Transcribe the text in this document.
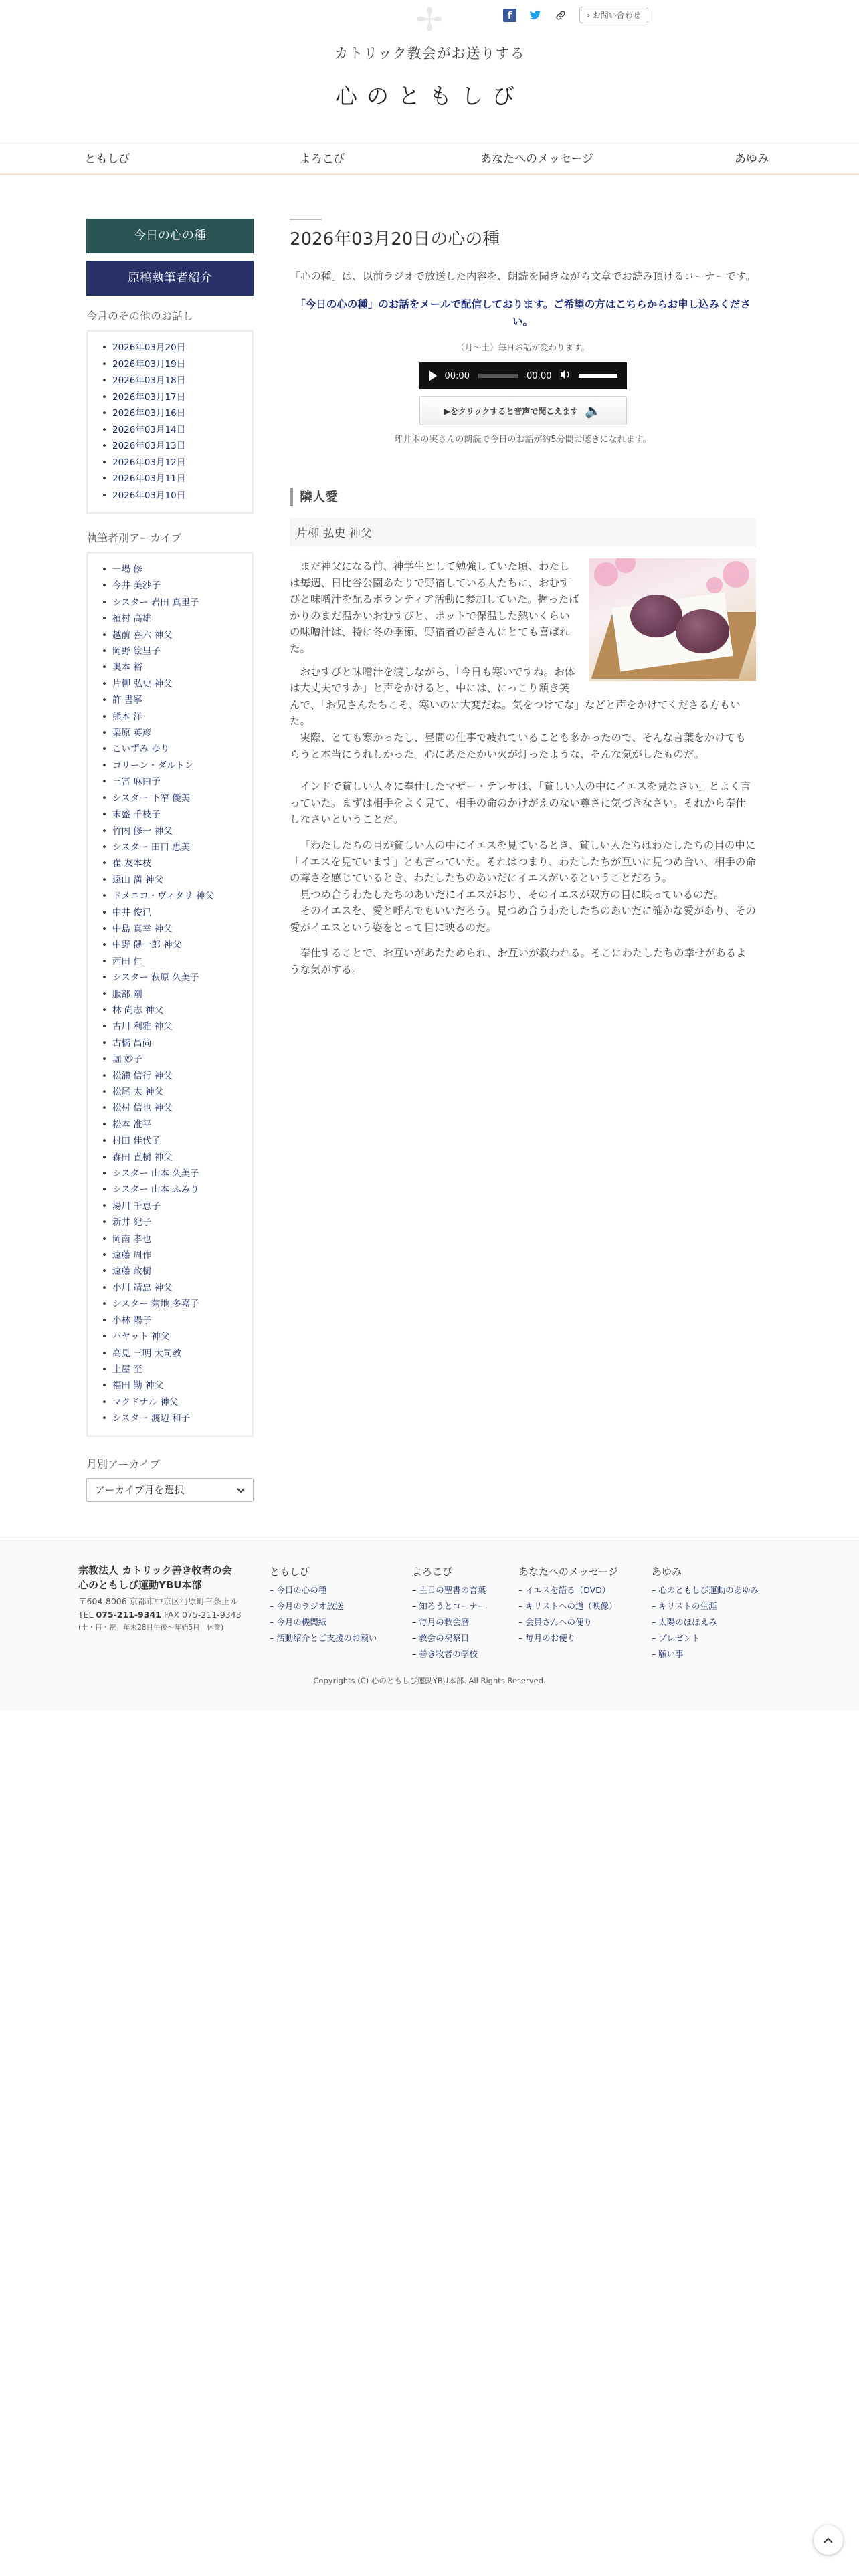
✢	f	› お問い合わせ
カトリック教会がお送りする
心のともしび
ともしび	よろこび	あなたへのメッセージ	あゆみ
今日の心の種
原稿執筆者紹介
今月のその他のお話し
• 2026年03月20日
• 2026年03月19日
• 2026年03月18日
• 2026年03月17日
• 2026年03月16日
• 2026年03月14日
• 2026年03月13日
• 2026年03月12日
• 2026年03月11日
• 2026年03月10日
執筆者別アーカイブ
• 一場 修
• 今井 美沙子
• シスター 岩田 真里子
• 植村 高雄
• 越前 喜六 神父
• 岡野 絵里子
• 奥本 裕
• 片柳 弘史 神父
• 許 書寧
• 熊本 洋
• 栗原 英彦
• こいずみ ゆり
• コリーン・ダルトン
• 三宮 麻由子
• シスター 下窄 優美
• 末盛 千枝子
• 竹内 修一 神父
• シスター 田口 恵美
• 崔 友本枝
• 遠山 満 神父
• ドメニコ・ヴィタリ 神父
• 中井 俊已
• 中島 真幸 神父
• 中野 健一郎 神父
• 西田 仁
• シスター 萩原 久美子
• 服部 剛
• 林 尚志 神父
• 古川 利雅 神父
• 古橋 昌尚
• 堀 妙子
• 松浦 信行 神父
• 松尾 太 神父
• 松村 信也 神父
• 松本 准平
• 村田 佳代子
• 森田 直樹 神父
• シスター 山本 久美子
• シスター 山本 ふみり
• 湯川 千恵子
• 新井 紀子
• 岡南 孝也
• 遠藤 周作
• 遠藤 政樹
• 小川 靖忠 神父
• シスター 菊地 多嘉子
• 小林 陽子
• ハヤット 神父
• 高見 三明 大司教
• 土屋 至
• 福田 勤 神父
• マクドナル 神父
• シスター 渡辺 和子
月別アーカイブ
アーカイブ月を選択
2026年03月20日の心の種

「心の種」は、以前ラジオで放送した内容を、朗読を聞きながら文章でお読み頂けるコーナーです。

「今日の心の種」のお話をメールで配信しております。ご希望の方はこちらからお申し込みください。

（月〜土）毎日お話が変わります。

00:00	00:00
▶をクリックすると音声で聞こえます 🔈

坪井木の実さんの朗読で今日のお話が約5分間お聴きになれます。

隣人愛
片柳 弘史 神父

まだ神父になる前、神学生として勉強していた頃、わたしは毎週、日比谷公園あたりで野宿している人たちに、おむすびと味噌汁を配るボランティア活動に参加していた。握ったばかりのまだ温かいおむすびと、ポットで保温した熱いくらいの味噌汁は、特に冬の季節、野宿者の皆さんにとても喜ばれた。

おむすびと味噌汁を渡しながら、「今日も寒いですね。お体は大丈夫ですか」と声をかけると、中には、にっこり頷き笑んで、「お兄さんたちこそ、寒いのに大変だね。気をつけてな」などと声をかけてくださる方もいた。

実際、とても寒かったし、昼間の仕事で疲れていることも多かったので、そんな言葉をかけてもらうと本当にうれしかった。心にあたたかい火が灯ったような、そんな気がしたものだ。

インドで貧しい人々に奉仕したマザー・テレサは、「貧しい人の中にイエスを見なさい」とよく言っていた。まずは相手をよく見て、相手の命のかけがえのない尊さに気づきなさい。それから奉仕しなさいということだ。

「わたしたちの目が貧しい人の中にイエスを見ているとき、貧しい人たちはわたしたちの目の中に「イエスを見ています」とも言っていた。それはつまり、わたしたちが互いに見つめ合い、相手の命の尊さを感じているとき、わたしたちのあいだにイエスがいるということだろう。

見つめ合うわたしたちのあいだにイエスがおり、そのイエスが双方の目に映っているのだ。

そのイエスを、愛と呼んでもいいだろう。見つめ合うわたしたちのあいだに確かな愛があり、その愛がイエスという姿をとって目に映るのだ。

奉仕することで、お互いがあたためられ、お互いが救われる。そこにわたしたちの幸せがあるような気がする。

宗教法人 カトリック善き牧者の会
心のともしび運動YBU本部
〒604-8006 京都市中京区河原町三条上ル
TEL 075-211-9341 FAX 075-211-9343
(土・日・祝　年末28日午後〜年始5日　休業)
ともしび
– 今日の心の種
– 今月のラジオ放送
– 今月の機関紙
– 活動紹介とご支援のお願い
よろこび
– 主日の聖書の言葉
– 知ろうとコーナー
– 毎月の教会暦
– 教会の祝祭日
– 善き牧者の学校
あなたへのメッセージ
– イエスを語る（DVD）
– キリストへの道（映像）
– 会員さんへの便り
– 毎月のお便り
あゆみ
– 心のともしび運動のあゆみ
– キリストの生涯
– 太陽のほほえみ
– プレゼント
– 願い事
Copyrights (C) 心のともしび運動YBU本部. All Rights Reserved.
